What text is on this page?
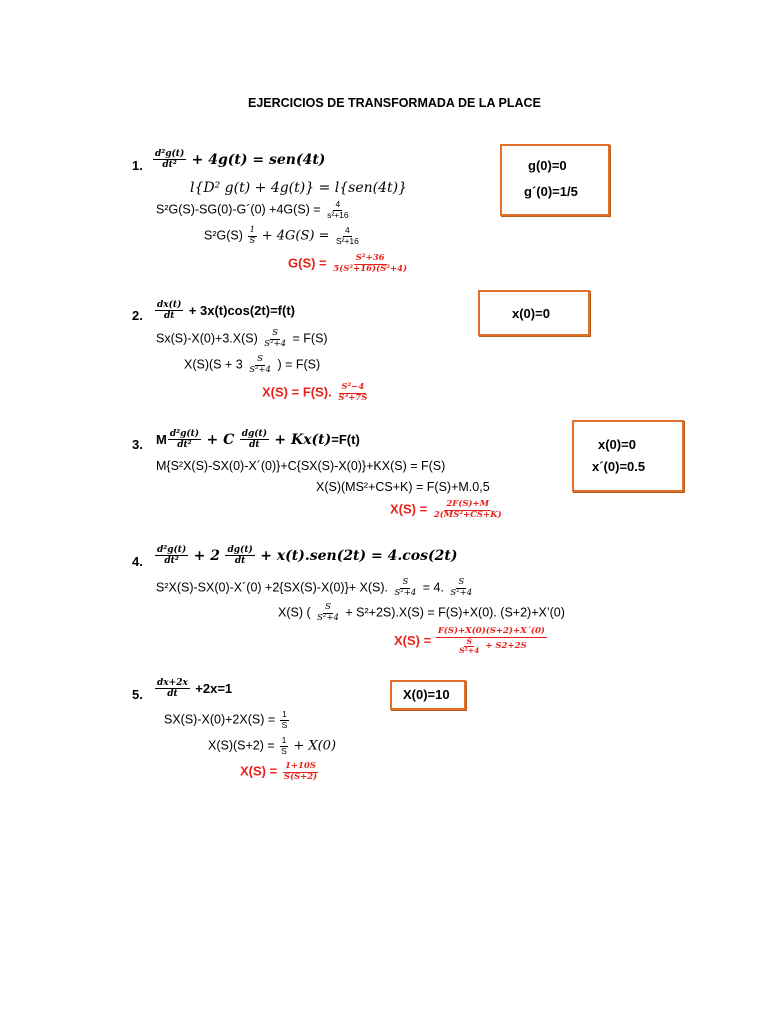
EJERCICIOS DE TRANSFORMADA DE LA PLACE
1. $\frac{\text{d²g(t)}}{\text{dt²}} + 4g(t) = sen(4t)$
l{D² g(t) + 4g(t)} = l{sen(4t)}
S²G(S)-SG(0)-G´(0) $+4G(S) = \frac{4}{\text{s²+16}}$
$S^2G(S) \frac{1}{S} + 4G(S) = \frac{4}{\text{S²+16}}$
$G(S) = \frac{\text{S²+36}}{\text{5(S²+16)(S²+4)}}$
g(0)=0
g´(0)=1/5
2. $\frac{dx(t)}{dt} + 3x(t)\cos(2t)=f(t)$
$Sx(S)-X(0)+3.X(S) \frac{S}{\text{S²+4}} = F(S)$
$X(S)(S + 3 \frac{S}{\text{S²+4}}$ ) = F(S)
X(S) = F(S). $\frac{\text{S²−4}}{\text{S³+7S}}$
x(0)=0
3. M $\frac{\text{d²g(t)}}{\text{dt²}} + C \frac{dg(t)}{dt} + Kx(t)=F(t)$
M{S²X(S)-SX(0)-X´(0)}+C{SX(S)-X(0)}+KX(S) = F(S)
X(S)(MS²+CS+K) = F(S)+M.0,5
$X(S) = \frac{2F(S)+M}{\text{2(MS²+CS+K)}}$
x(0)=0
x´(0)=0.5
4. $\frac{\text{d²g(t)}}{\text{dt²}} + 2 \frac{dg(t)}{dt} + x(t).sen(2t) = 4.\cos(2t)$
S²X(S)-SX(0)-X´(0) +2{SX(S)-X(0)}+ X(S). $\frac{S}{\text{S²+4}} = 4$. $\frac{S}{\text{S²+4}}$
X(S) ( $\frac{S}{\text{S²+4}} + S^2+2S).X(S) = F(S)+X(0)$. (S+2)+X’(0)
$X(S) = \frac{F(S)+X(0)(S+2)+X´(0)}{\frac{S}{\text{S²+4}} + S2+2S}$
5. $\frac{dx+2x}{dt} +2x=1$
$SX(S)-X(0)+2X(S) = \frac{1}{S}$
$X(S)(S+2) = \frac{1}{S} + X(0)$
$X(S) = \frac{1+10S}{S(S+2)}$
X(0)=10
